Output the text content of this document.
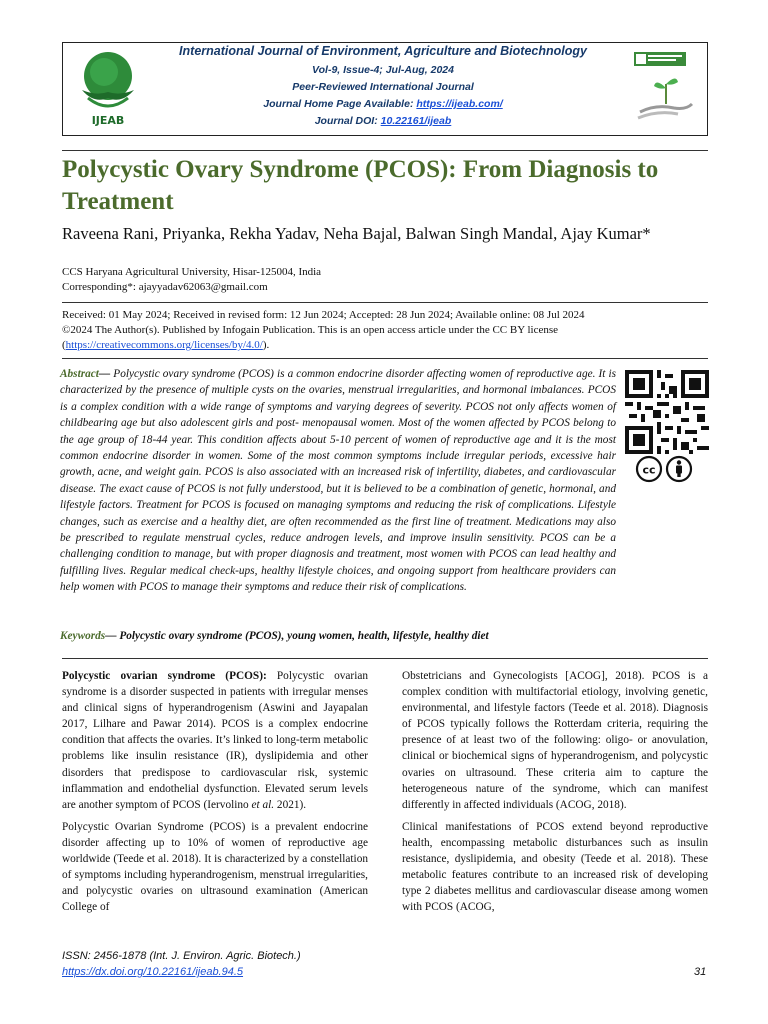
IJEAB
International Journal of Environment, Agriculture and Biotechnology
Vol-9, Issue-4; Jul-Aug, 2024
Peer-Reviewed International Journal
Journal Home Page Available: https://ijeab.com/
Journal DOI: 10.22161/ijeab
Polycystic Ovary Syndrome (PCOS): From Diagnosis to Treatment
Raveena Rani, Priyanka, Rekha Yadav, Neha Bajal, Balwan Singh Mandal, Ajay Kumar*
CCS Haryana Agricultural University, Hisar-125004, India
Corresponding*: ajayyadav62063@gmail.com
Received: 01 May 2024; Received in revised form: 12 Jun 2024; Accepted: 28 Jun 2024; Available online: 08 Jul 2024
©2024 The Author(s). Published by Infogain Publication. This is an open access article under the CC BY license
(https://creativecommons.org/licenses/by/4.0/).
Abstract— Polycystic ovary syndrome (PCOS) is a common endocrine disorder affecting women of reproductive age. It is characterized by the presence of multiple cysts on the ovaries, menstrual irregularities, and hormonal imbalances. PCOS is a complex condition with a wide range of symptoms and varying degrees of severity. PCOS not only affects women of childbearing age but also adolescent girls and post- menopausal women. Most of the women affected by PCOS belong to the age group of 18-44 year. This condition affects about 5-10 percent of women of reproductive age and it is the most common endocrine disorder in women. Some of the most common symptoms include irregular periods, excessive hair growth, acne, and weight gain. PCOS is also associated with an increased risk of infertility, diabetes, and cardiovascular disease. The exact cause of PCOS is not fully understood, but it is believed to be a combination of genetic, hormonal, and lifestyle factors. Treatment for PCOS is focused on managing symptoms and reducing the risk of complications. Lifestyle changes, such as exercise and a healthy diet, are often recommended as the first line of treatment. Medications may also be prescribed to regulate menstrual cycles, reduce androgen levels, and improve insulin sensitivity. PCOS can be a challenging condition to manage, but with proper diagnosis and treatment, most women with PCOS can lead healthy and fulfilling lives. Regular medical check-ups, healthy lifestyle choices, and ongoing support from healthcare providers can help women with PCOS to manage their symptoms and reduce their risk of complications.
cc
Keywords— Polycystic ovary syndrome (PCOS), young women, health, lifestyle, healthy diet

Polycystic ovarian syndrome (PCOS): Polycystic ovarian syndrome is a disorder suspected in patients with irregular menses and clinical signs of hyperandrogenism (Aswini and Jayapalan 2017, Lilhare and Pawar 2014). PCOS is a complex endocrine condition that affects the ovaries. It’s linked to long-term metabolic problems like insulin resistance (IR), dyslipidemia and other disorders that predispose to cardiovascular risk, systemic inflammation and endothelial dysfunction. Elevated serum levels are another symptom of PCOS (Iervolino et al. 2021).

Polycystic Ovarian Syndrome (PCOS) is a prevalent endocrine disorder affecting up to 10% of women of reproductive age worldwide (Teede et al. 2018). It is characterized by a constellation of symptoms including hyperandrogenism, menstrual irregularities, and polycystic ovaries on ultrasound examination (American College of

Obstetricians and Gynecologists [ACOG], 2018). PCOS is a complex condition with multifactorial etiology, involving genetic, environmental, and lifestyle factors (Teede et al. 2018). Diagnosis of PCOS typically follows the Rotterdam criteria, requiring the presence of at least two of the following: oligo- or anovulation, clinical or biochemical signs of hyperandrogenism, and polycystic ovaries on ultrasound. These criteria aim to capture the heterogeneous nature of the syndrome, which can manifest differently in affected individuals (ACOG, 2018).

Clinical manifestations of PCOS extend beyond reproductive health, encompassing metabolic disturbances such as insulin resistance, dyslipidemia, and obesity (Teede et al. 2018). These metabolic features contribute to an increased risk of developing type 2 diabetes mellitus and cardiovascular disease among women with PCOS (ACOG,

ISSN: 2456-1878 (Int. J. Environ. Agric. Biotech.)
https://dx.doi.org/10.22161/ijeab.94.5	31
